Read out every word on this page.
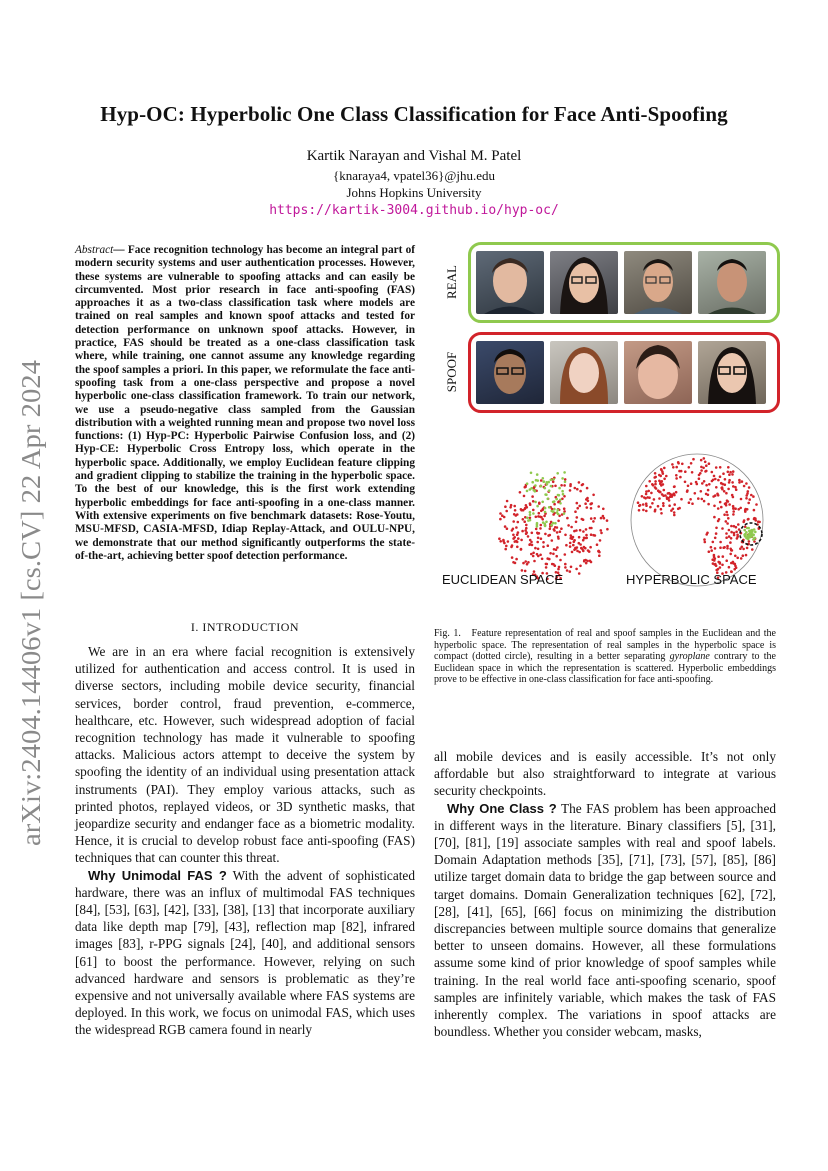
arXiv:2404.14406v1 [cs.CV] 22 Apr 2024
Hyp-OC: Hyperbolic One Class Classification for Face Anti-Spoofing
Kartik Narayan and Vishal M. Patel
{knaraya4, vpatel36}@jhu.edu
Johns Hopkins University
https://kartik-3004.github.io/hyp-oc/
Abstract— Face recognition technology has become an integral part of modern security systems and user authentication processes. However, these systems are vulnerable to spoofing attacks and can easily be circumvented. Most prior research in face anti-spoofing (FAS) approaches it as a two-class classification task where models are trained on real samples and known spoof attacks and tested for detection performance on unknown spoof attacks. However, in practice, FAS should be treated as a one-class classification task where, while training, one cannot assume any knowledge regarding the spoof samples a priori. In this paper, we reformulate the face anti-spoofing task from a one-class perspective and propose a novel hyperbolic one-class classification framework. To train our network, we use a pseudo-negative class sampled from the Gaussian distribution with a weighted running mean and propose two novel loss functions: (1) Hyp-PC: Hyperbolic Pairwise Confusion loss, and (2) Hyp-CE: Hyperbolic Cross Entropy loss, which operate in the hyperbolic space. Additionally, we employ Euclidean feature clipping and gradient clipping to stabilize the training in the hyperbolic space. To the best of our knowledge, this is the first work extending hyperbolic embeddings for face anti-spoofing in a one-class manner. With extensive experiments on five benchmark datasets: Rose-Youtu, MSU-MFSD, CASIA-MFSD, Idiap Replay-Attack, and OULU-NPU, we demonstrate that our method significantly outperforms the state-of-the-art, achieving better spoof detection performance.
I. INTRODUCTION

We are in an era where facial recognition is extensively utilized for authentication and access control. It is used in diverse sectors, including mobile device security, financial services, border control, fraud prevention, e-commerce, healthcare, etc. However, such widespread adoption of facial recognition technology has made it vulnerable to spoofing attacks. Malicious actors attempt to deceive the system by spoofing the identity of an individual using presentation attack instruments (PAI). They employ various attacks, such as printed photos, replayed videos, or 3D synthetic masks, that jeopardize security and endanger face as a biometric modality. Hence, it is crucial to develop robust face anti-spoofing (FAS) techniques that can counter this threat.

Why Unimodal FAS ? With the advent of sophisticated hardware, there was an influx of multimodal FAS techniques [84], [53], [63], [42], [33], [38], [13] that incorporate auxiliary data like depth map [79], [43], reflection map [82], infrared images [83], r-PPG signals [24], [40], and additional sensors [61] to boost the performance. However, relying on such advanced hardware and sensors is problematic as they’re expensive and not universally available where FAS systems are deployed. In this work, we focus on unimodal FAS, which uses the widespread RGB camera found in nearly

all mobile devices and is easily accessible. It’s not only affordable but also straightforward to integrate at various security checkpoints.

Why One Class ? The FAS problem has been approached in different ways in the literature. Binary classifiers [5], [31], [70], [81], [19] associate samples with real and spoof labels. Domain Adaptation methods [35], [71], [73], [57], [85], [86] utilize target domain data to bridge the gap between source and target domains. Domain Generalization techniques [62], [72], [28], [41], [65], [66] focus on minimizing the distribution discrepancies between multiple source domains that generalize better to unseen domains. However, all these formulations assume some kind of prior knowledge of spoof samples while training. In the real world face anti-spoofing scenario, spoof samples are infinitely variable, which makes the task of FAS inherently complex. The variations in spoof attacks are boundless. Whether you consider webcam, masks,

REAL
SPOOF
EUCLIDEAN SPACE	HYPERBOLIC SPACE
Fig. 1. Feature representation of real and spoof samples in the Euclidean and the hyperbolic space. The representation of real samples in the hyperbolic space is compact (dotted circle), resulting in a better separating gyroplane contrary to the Euclidean space in which the representation is scattered. Hyperbolic embeddings prove to be effective in one-class classification for face anti-spoofing.
